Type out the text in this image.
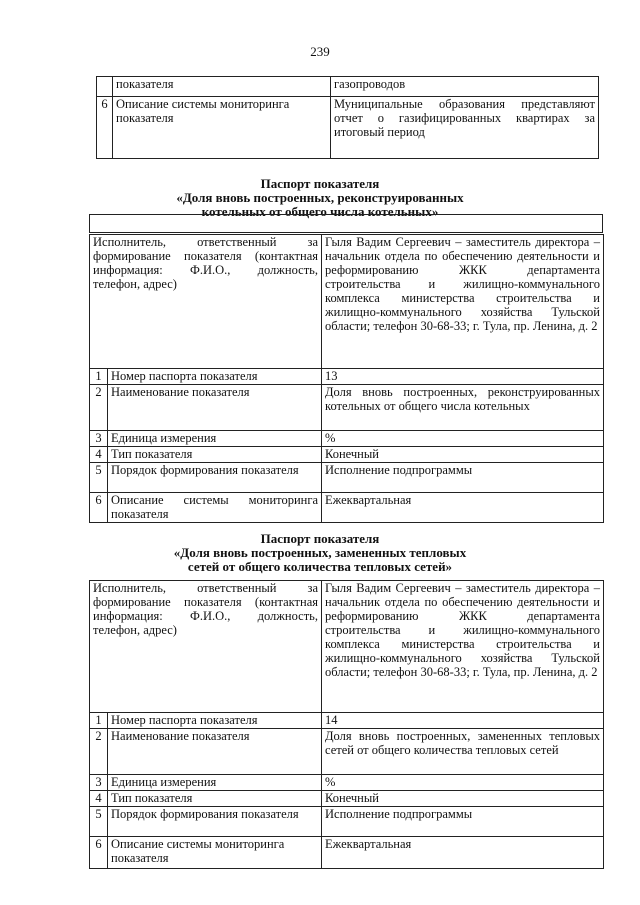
239
	показателя	газопроводов
6	Описание системы мониторинга показателя	Муниципальные образования представляют отчет о газифицированных квартирах за итоговый период
Паспорт показателя
«Доля вновь построенных, реконструированных
котельных от общего числа котельных»
Исполнитель, ответственный за формирование показателя (контактная информация: Ф.И.О., должность, телефон, адрес)		Гыля Вадим Сергеевич – заместитель директора – начальник отдела по обеспечению деятельности и реформированию ЖКК департамента строительства и жилищно-коммунального комплекса министерства строительства и жилищно-коммунального хозяйства Тульской области; телефон 30-68-33; г. Тула, пр. Ленина, д. 2
1	Номер паспорта показателя	13
2	Наименование показателя	Доля вновь построенных, реконструированных котельных от общего числа котельных
3	Единица измерения	%
4	Тип показателя	Конечный
5	Порядок формирования показателя	Исполнение подпрограммы
6	Описание системы мониторинга показателя	Ежеквартальная
Паспорт показателя
«Доля вновь построенных, замененных тепловых
сетей от общего количества тепловых сетей»
Исполнитель, ответственный за формирование показателя (контактная информация: Ф.И.О., должность, телефон, адрес)		Гыля Вадим Сергеевич – заместитель директора – начальник отдела по обеспечению деятельности и реформированию ЖКК департамента строительства и жилищно-коммунального комплекса министерства строительства и жилищно-коммунального хозяйства Тульской области; телефон 30-68-33; г. Тула, пр. Ленина, д. 2
1	Номер паспорта показателя	14
2	Наименование показателя	Доля вновь построенных, замененных тепловых сетей от общего количества тепловых сетей
3	Единица измерения	%
4	Тип показателя	Конечный
5	Порядок формирования показателя	Исполнение подпрограммы
6	Описание системы мониторинга показателя	Ежеквартальная
